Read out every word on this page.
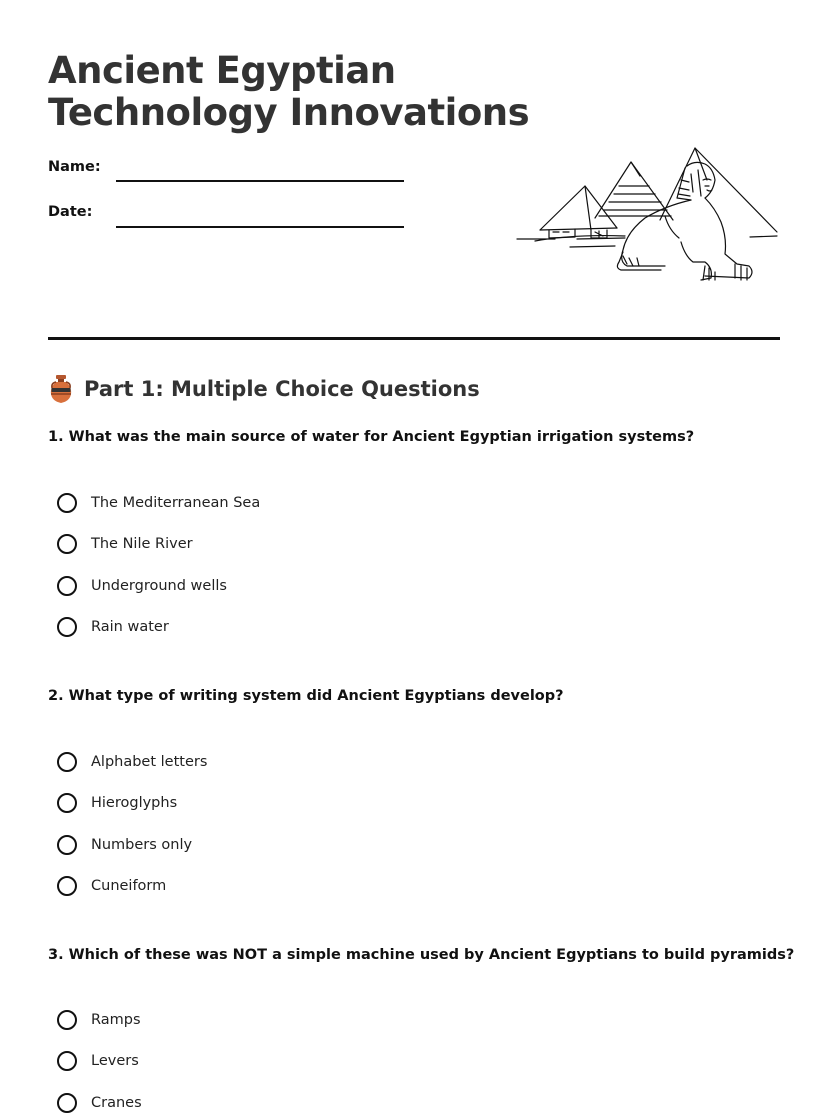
Ancient Egyptian
Technology Innovations
Name:
Date:
Part 1: Multiple Choice Questions
1. What was the main source of water for Ancient Egyptian irrigation systems?
The Mediterranean Sea
The Nile River
Underground wells
Rain water
2. What type of writing system did Ancient Egyptians develop?
Alphabet letters
Hieroglyphs
Numbers only
Cuneiform
3. Which of these was NOT a simple machine used by Ancient Egyptians to build pyramids?
Ramps
Levers
Cranes
